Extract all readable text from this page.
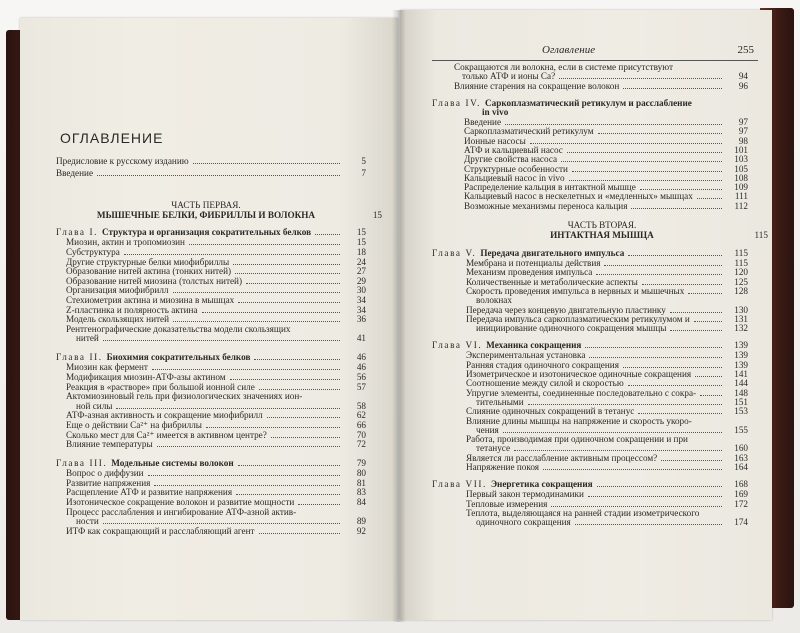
Оглавление	255
ОГЛАВЛЕНИЕ
Предисловие к русскому изданию	5
Введение	7
ЧАСТЬ ПЕРВАЯ.
МЫШЕЧНЫЕ БЕЛКИ, ФИБРИЛЛЫ И ВОЛОКНА	15
Глава I. Структура и организация сократительных белков	15
Миозин, актин и тропомиозин	15
Субструктура	18
Другие структурные белки миофибриллы	24
Образование нитей актина (тонких нитей)	27
Образование нитей миозина (толстых нитей)	29
Организация миофибрилл	30
Стехиометрия актина и миозина в мышцах	34
Z-пластинка и полярность актина	34
Модель скользящих нитей	36
Рентгенографические доказательства модели скользящих
нитей	41
Глава II. Биохимия сократительных белков	46
Миозин как фермент	46
Модификация миозин-АТФ-азы актином	56
Реакция в «растворе» при большой ионной силе	57
Актомиозиновый гель при физиологических значениях ион-
ной силы	58
АТФ-азная активность и сокращение миофибрилл	62
Еще о действии Ca²⁺ на фибриллы	66
Сколько мест для Ca²⁺ имеется в активном центре?	70
Влияние температуры	72
Глава III. Модельные системы волокон	79
Вопрос о диффузии	80
Развитие напряжения	81
Расщепление АТФ и развитие напряжения	83
Изотоническое сокращение волокон и развитие мощности	84
Процесс расслабления и ингибирование АТФ-азной актив-
ности	89
ИТФ как сокращающий и расслабляющий агент	92
Сокращаются ли волокна, если в системе присутствуют
только АТФ и ионы Ca?	94
Влияние старения на сокращение волокон	96
Глава IV. Саркоплазматический ретикулум и расслабление
in vivo
Введение	97
Саркоплазматический ретикулум	97
Ионные насосы	98
АТФ и кальциевый насос	101
Другие свойства насоса	103
Структурные особенности	105
Кальциевый насос in vivo	108
Распределение кальция в интактной мышце	109
Кальциевый насос в нескелетных и «медленных» мышцах	111
Возможные механизмы переноса кальция	112
ЧАСТЬ ВТОРАЯ.
ИНТАКТНАЯ МЫШЦА	115
Глава V. Передача двигательного импульса	115
Мембрана и потенциалы действия	115
Механизм проведения импульса	120
Количественные и метаболические аспекты	125
Скорость проведения импульса в нервных и мышечных	128
волокнах
Передача через концевую двигательную пластинку	130
Передача импульса саркоплазматическим ретикулумом и	131
инициирование одиночного сокращения мышцы	132
Глава VI. Механика сокращения	139
Экспериментальная установка	139
Ранняя стадия одиночного сокращения	139
Изометрическое и изотоническое одиночные сокращения	141
Соотношение между силой и скоростью	144
Упругие элементы, соединенные последовательно с сокра-	148
тительными	151
Слияние одиночных сокращений в тетанус	153
Влияние длины мышцы на напряжение и скорость укоро-
чения	155
Работа, производимая при одиночном сокращении и при
тетанусе	160
Является ли расслабление активным процессом?	163
Напряжение покоя	164
Глава VII. Энергетика сокращения	168
Первый закон термодинамики	169
Тепловые измерения	172
Теплота, выделяющаяся на ранней стадии изометрического
одиночного сокращения	174
